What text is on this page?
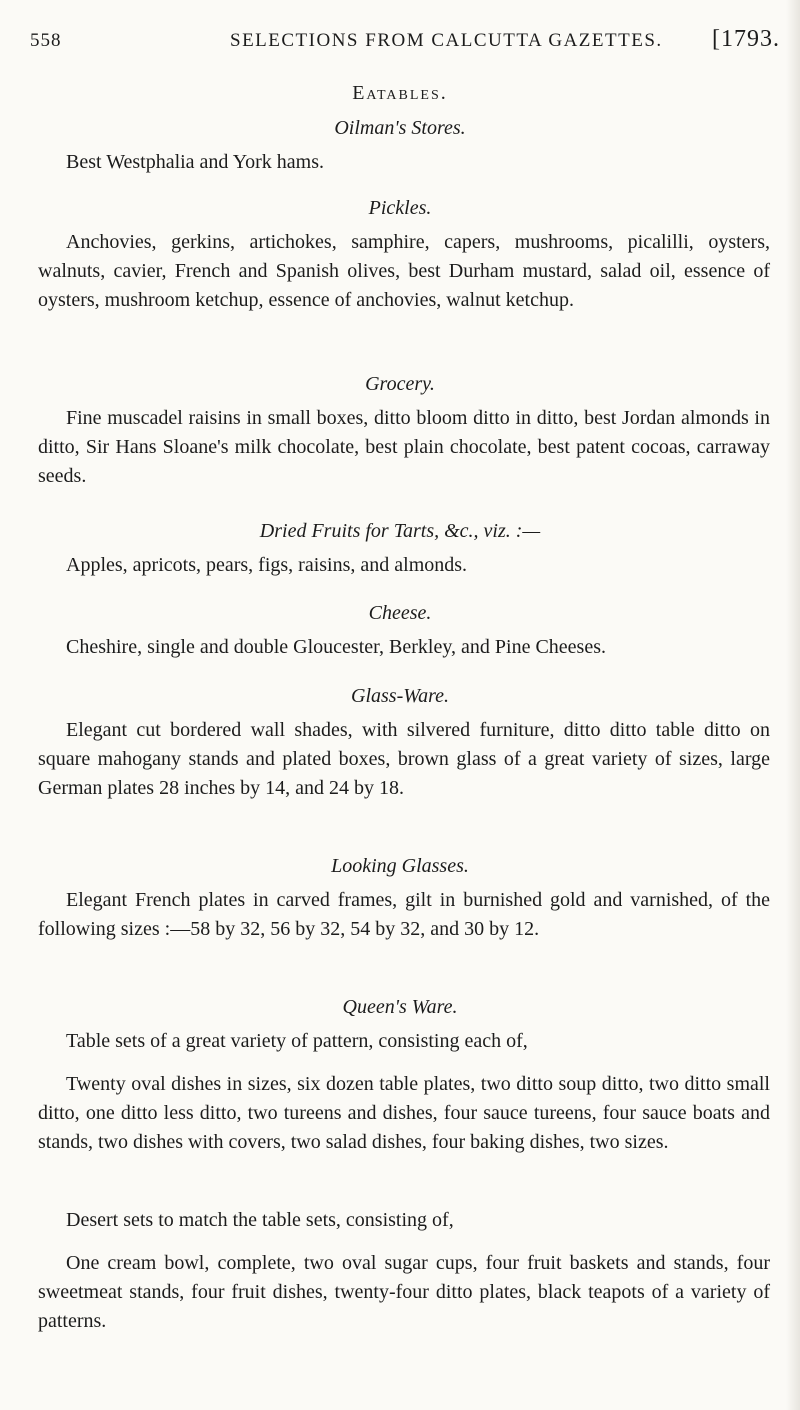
558	SELECTIONS FROM CALCUTTA GAZETTES. [1793.
Eatables.
Oilman's Stores.
Best Westphalia and York hams.
Pickles.
Anchovies, gerkins, artichokes, samphire, capers, mushrooms, picalilli, oysters, walnuts, cavier, French and Spanish olives, best Durham mustard, salad oil, essence of oysters, mushroom ketchup, essence of anchovies, walnut ketchup.
Grocery.
Fine muscadel raisins in small boxes, ditto bloom ditto in ditto, best Jordan almonds in ditto, Sir Hans Sloane's milk chocolate, best plain chocolate, best patent cocoas, carraway seeds.
Dried Fruits for Tarts, &c., viz. :—
Apples, apricots, pears, figs, raisins, and almonds.
Cheese.
Cheshire, single and double Gloucester, Berkley, and Pine Cheeses.
Glass-Ware.
Elegant cut bordered wall shades, with silvered furniture, ditto ditto table ditto on square mahogany stands and plated boxes, brown glass of a great variety of sizes, large German plates 28 inches by 14, and 24 by 18.
Looking Glasses.
Elegant French plates in carved frames, gilt in burnished gold and varnished, of the following sizes :—58 by 32, 56 by 32, 54 by 32, and 30 by 12.
Queen's Ware.
Table sets of a great variety of pattern, consisting each of,
Twenty oval dishes in sizes, six dozen table plates, two ditto soup ditto, two ditto small ditto, one ditto less ditto, two tureens and dishes, four sauce tureens, four sauce boats and stands, two dishes with covers, two salad dishes, four baking dishes, two sizes.
Desert sets to match the table sets, consisting of,
One cream bowl, complete, two oval sugar cups, four fruit baskets and stands, four sweetmeat stands, four fruit dishes, twenty-four ditto plates, black teapots of a variety of patterns.
